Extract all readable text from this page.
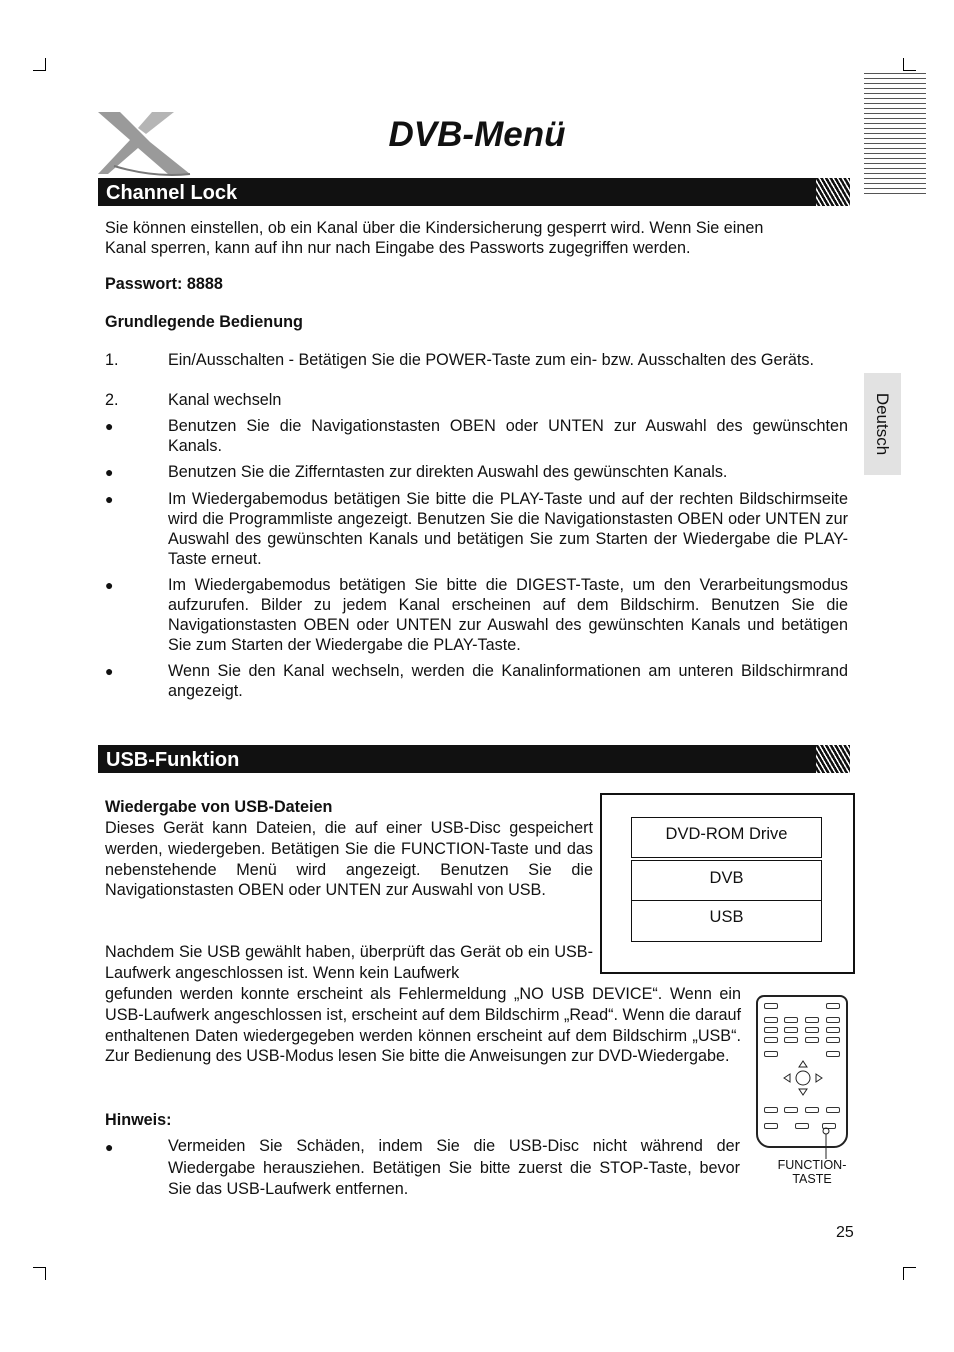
DVB-Menü
Deutsch
Channel Lock
Sie können einstellen, ob ein Kanal über die Kindersicherung gesperrt wird. Wenn Sie einen
Kanal sperren, kann auf ihn nur nach Eingabe des Passworts zugegriffen werden.
Passwort: 8888
Grundlegende Bedienung
1.	Ein/Ausschalten - Betätigen Sie die POWER-Taste zum ein- bzw. Ausschalten des Geräts.
2.	Kanal wechseln
●	Benutzen Sie die Navigationstasten OBEN oder UNTEN zur Auswahl des gewünschten Kanals.
●	Benutzen Sie die Zifferntasten zur direkten Auswahl des gewünschten Kanals.
●	Im Wiedergabemodus betätigen Sie bitte die PLAY-Taste und auf der rechten Bildschirmseite wird die Programmliste angezeigt. Benutzen Sie die Navigationstasten OBEN oder UNTEN zur Auswahl des gewünschten Kanals und betätigen Sie zum Starten der Wiedergabe die PLAY-Taste erneut.
●	Im Wiedergabemodus betätigen Sie bitte die DIGEST-Taste, um den Verarbeitungsmodus aufzurufen. Bilder zu jedem Kanal erscheinen auf dem Bildschirm. Benutzen Sie die Navigationstasten OBEN oder UNTEN zur Auswahl des gewünschten Kanals und betätigen Sie zum Starten der Wiedergabe die PLAY-Taste.
●	Wenn Sie den Kanal wechseln, werden die Kanalinformationen am unteren Bildschirmrand angezeigt.
USB-Funktion
Wiedergabe von USB-Dateien
Dieses Gerät kann Dateien, die auf einer USB-Disc gespeichert werden, wiedergeben. Betätigen Sie die FUNCTION-Taste und das nebenstehende Menü wird angezeigt. Benutzen Sie die Navigationstasten OBEN oder UNTEN zur Auswahl von USB.
Nachdem Sie USB gewählt haben, überprüft das Gerät ob ein USB-Laufwerk angeschlossen ist. Wenn kein Laufwerk
gefunden werden konnte erscheint als Fehlermeldung „NO USB DEVICE“. Wenn ein USB-Laufwerk angeschlossen ist, erscheint auf dem Bildschirm „Read“. Wenn die darauf enthaltenen Daten wiedergegeben werden können erscheint auf dem Bildschirm „USB“. Zur Bedienung des USB-Modus lesen Sie bitte die Anweisungen zur DVD-Wiedergabe.
Hinweis:
●	Vermeiden Sie Schäden, indem Sie die USB-Disc nicht während der Wiedergabe herausziehen. Betätigen Sie bitte zuerst die STOP-Taste, bevor Sie das USB-Laufwerk entfernen.
DVD-ROM Drive
DVB
USB
FUNCTION-
TASTE
25
